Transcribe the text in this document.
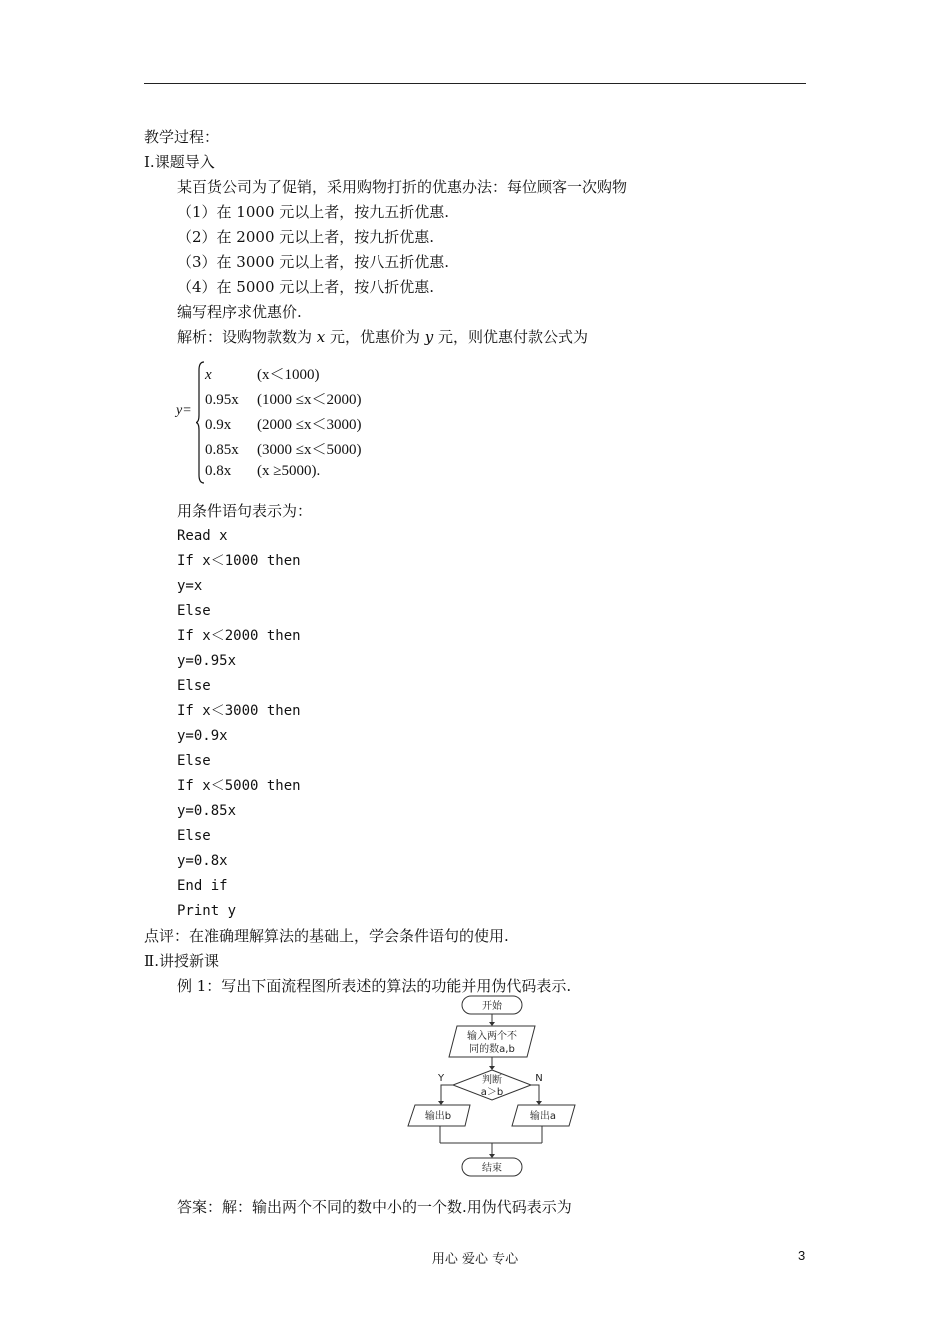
教学过程：
Ⅰ.课题导入
某百货公司为了促销，采用购物打折的优惠办法：每位顾客一次购物
（1）在 1000 元以上者，按九五折优惠.
（2）在 2000 元以上者，按九折优惠.
（3）在 3000 元以上者，按八五折优惠.
（4）在 5000 元以上者，按八折优惠.
编写程序求优惠价.
解析：设购物款数为 x 元，优惠价为 y 元，则优惠付款公式为
y=
x	(x＜1000)
0.95x (1000 ≤x＜2000)
0.9x (2000 ≤x＜3000)
0.85x (3000 ≤x＜5000)
0.8x (x ≥5000).
用条件语句表示为：
Read x
If x＜1000 then
y=x
Else
If x＜2000 then
y=0.95x
Else
If x＜3000 then
y=0.9x
Else
If x＜5000 then
y=0.85x
Else
y=0.8x
End if
Print y
点评：在准确理解算法的基础上，学会条件语句的使用.
Ⅱ.讲授新课
例 1：写出下面流程图所表述的算法的功能并用伪代码表示.
开始
输入两个不
同的数a,b
判断
a＞b
Y	N
输出b	输出a
结束
答案：解：输出两个不同的数中小的一个数.用伪代码表示为
用心 爱心 专心	3
